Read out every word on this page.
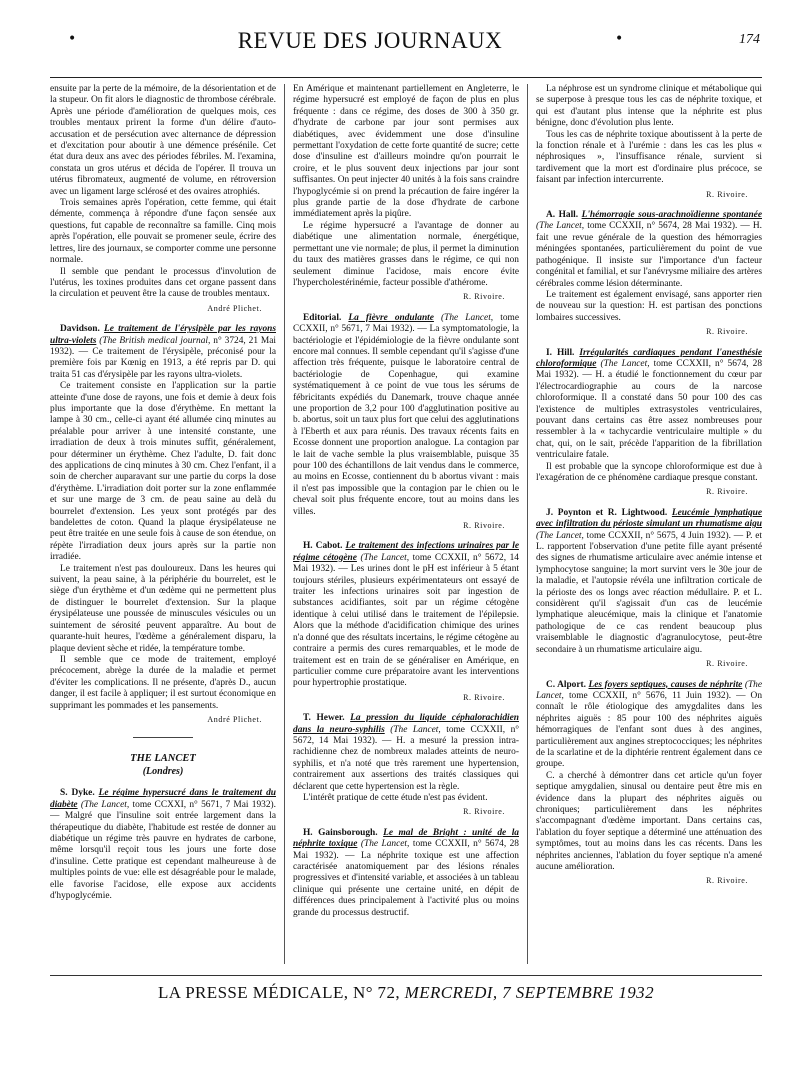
•	REVUE DES JOURNAUX	•	174

ensuite par la perte de la mémoire, de la désorientation et de la stupeur. On fit alors le diagnostic de thrombose cérébrale. Après une période d'amélioration de quelques mois, ces troubles mentaux prirent la forme d'un délire d'auto-accusation et de persécution avec alternance de dépression et d'excitation pour aboutir à une démence présénile. Cet état dura deux ans avec des périodes fébriles. M. l'examina, constata un gros utérus et décida de l'opérer. Il trouva un utérus fibromateux, augmenté de volume, en rétroversion avec un ligament large sclérosé et des ovaires atrophiés.

Trois semaines après l'opération, cette femme, qui était démente, commença à répondre d'une façon sensée aux questions, fut capable de reconnaître sa famille. Cinq mois après l'opération, elle pouvait se promener seule, écrire des lettres, lire des journaux, se comporter comme une personne normale.

Il semble que pendant le processus d'involution de l'utérus, les toxines produites dans cet organe passent dans la circulation et peuvent être la cause de troubles mentaux.

André Plichet.

Davidson. Le traitement de l'érysipèle par les rayons ultra-violets (The British medical journal, n° 3724, 21 Mai 1932). — Ce traitement de l'érysipèle, préconisé pour la première fois par Kœnig en 1913, a été repris par D. qui traita 51 cas d'érysipèle par les rayons ultra-violets.

Ce traitement consiste en l'application sur la partie atteinte d'une dose de rayons, une fois et demie à deux fois plus importante que la dose d'érythème. En mettant la lampe à 30 cm., celle-ci ayant été allumée cinq minutes au préalable pour arriver à une intensité constante, une irradiation de deux à trois minutes suffit, généralement, pour déterminer un érythème. Chez l'adulte, D. fait donc des applications de cinq minutes à 30 cm. Chez l'enfant, il a soin de chercher auparavant sur une partie du corps la dose d'érythème. L'irradiation doit porter sur la zone enflammée et sur une marge de 3 cm. de peau saine au delà du bourrelet d'extension. Les yeux sont protégés par des bandelettes de coton. Quand la plaque érysipélateuse ne peut être traitée en une seule fois à cause de son étendue, on répète l'irradiation deux jours après sur la partie non irradiée.

Le traitement n'est pas douloureux. Dans les heures qui suivent, la peau saine, à la périphérie du bourrelet, est le siège d'un érythème et d'un œdème qui ne permettent plus de distinguer le bourrelet d'extension. Sur la plaque érysipélateuse une poussée de minuscules vésicules ou un suintement de sérosité peuvent apparaître. Au bout de quarante-huit heures, l'œdème a généralement disparu, la plaque devient sèche et ridée, la température tombe.

Il semble que ce mode de traitement, employé précocement, abrège la durée de la maladie et permet d'éviter les complications. Il ne présente, d'après D., aucun danger, il est facile à appliquer; il est surtout économique en supprimant les pommades et les pansements.

André Plichet.
THE LANCET
(Londres)

S. Dyke. Le régime hypersucré dans le traitement du diabète (The Lancet, tome CCXXI, n° 5671, 7 Mai 1932). — Malgré que l'insuline soit entrée largement dans la thérapeutique du diabète, l'habitude est restée de donner au diabétique un régime très pauvre en hydrates de carbone, même lorsqu'il reçoit tous les jours une forte dose d'insuline. Cette pratique est cependant malheureuse à de multiples points de vue: elle est désagréable pour le malade, elle favorise l'acidose, elle expose aux accidents d'hypoglycémie.

En Amérique et maintenant partiellement en Angleterre, le régime hypersucré est employé de façon de plus en plus fréquente : dans ce régime, des doses de 300 à 350 gr. d'hydrate de carbone par jour sont permises aux diabétiques, avec évidemment une dose d'insuline permettant l'oxydation de cette forte quantité de sucre; cette dose d'insuline est d'ailleurs moindre qu'on pourrait le croire, et le plus souvent deux injections par jour sont suffisantes. On peut injecter 40 unités à la fois sans craindre l'hypoglycémie si on prend la précaution de faire ingérer la plus grande partie de la dose d'hydrate de carbone immédiatement après la piqûre.

Le régime hypersucré a l'avantage de donner au diabétique une alimentation normale, énergétique, permettant une vie normale; de plus, il permet la diminution du taux des matières grasses dans le régime, ce qui non seulement diminue l'acidose, mais encore évite l'hypercholestérinémie, facteur possible d'athérome.

R. Rivoire.

Editorial. La fièvre ondulante (The Lancet, tome CCXXII, n° 5671, 7 Mai 1932). — La symptomatologie, la bactériologie et l'épidémiologie de la fièvre ondulante sont encore mal connues. Il semble cependant qu'il s'agisse d'une affection très fréquente, puisque le laboratoire central de bactériologie de Copenhague, qui examine systématiquement à ce point de vue tous les sérums de fébricitants expédiés du Danemark, trouve chaque année une proportion de 3,2 pour 100 d'agglutination positive au b. abortus, soit un taux plus fort que celui des agglutinations à l'Eberth et aux para réunis. Des travaux récents faits en Ecosse donnent une proportion analogue. La contagion par le lait de vache semble la plus vraisemblable, puisque 35 pour 100 des échantillons de lait vendus dans le commerce, au moins en Ecosse, contiennent du b abortus vivant : mais il n'est pas impossible que la contagion par le chien ou le cheval soit plus fréquente encore, tout au moins dans les villes.

R. Rivoire.

H. Cabot. Le traitement des infections urinaires par le régime cétogène (The Lancet, tome CCXXII, n° 5672, 14 Mai 1932). — Les urines dont le pH est inférieur à 5 étant toujours stériles, plusieurs expérimentateurs ont essayé de traiter les infections urinaires soit par ingestion de substances acidifiantes, soit par un régime cétogène identique à celui utilisé dans le traitement de l'épilepsie. Alors que la méthode d'acidification chimique des urines n'a donné que des résultats incertains, le régime cétogène au contraire a permis des cures remarquables, et le mode de traitement est en train de se généraliser en Amérique, en particulier comme cure préparatoire avant les interventions pour hypertrophie prostatique.

R. Rivoire.

T. Hewer. La pression du liquide céphalorachidien dans la neuro-syphilis (The Lancet, tome CCXXII, n° 5672, 14 Mai 1932). — H. a mesuré la pression intra-rachidienne chez de nombreux malades atteints de neuro-syphilis, et n'a noté que très rarement une hypertension, contrairement aux assertions des traités classiques qui déclarent que cette hypertension est la règle.

L'intérêt pratique de cette étude n'est pas évident.

R. Rivoire.

H. Gainsborough. Le mal de Bright : unité de la néphrite toxique (The Lancet, tome CCXXII, n° 5674, 28 Mai 1932). — La néphrite toxique est une affection caractérisée anatomiquement par des lésions rénales progressives et d'intensité variable, et associées à un tableau clinique qui présente une certaine unité, en dépit de différences dues principalement à l'activité plus ou moins grande du processus destructif.

La néphrose est un syndrome clinique et métabolique qui se superpose à presque tous les cas de néphrite toxique, et qui est d'autant plus intense que la néphrite est plus bénigne, donc d'évolution plus lente.

Tous les cas de néphrite toxique aboutissent à la perte de la fonction rénale et à l'urémie : dans les cas les plus « néphrosiques », l'insuffisance rénale, survient si tardivement que la mort est d'ordinaire plus précoce, se faisant par infection intercurrente.

R. Rivoire.

A. Hall. L'hémorragie sous-arachnoïdienne spontanée (The Lancet, tome CCXXII, n° 5674, 28 Mai 1932). — H. fait une revue générale de la question des hémorragies méningées spontanées, particulièrement du point de vue pathogénique. Il insiste sur l'importance d'un facteur congénital et familial, et sur l'anévrysme miliaire des artères cérébrales comme lésion déterminante.

Le traitement est également envisagé, sans apporter rien de nouveau sur la question: H. est partisan des ponctions lombaires successives.

R. Rivoire.

I. Hill. Irrégularités cardiaques pendant l'anesthésie chloroformique (The Lancet, tome CCXXII, n° 5674, 28 Mai 1932). — H. a étudié le fonctionnement du cœur par l'électrocardiographie au cours de la narcose chloroformique. Il a constaté dans 50 pour 100 des cas l'existence de multiples extrasystoles ventriculaires, pouvant dans certains cas être assez nombreuses pour ressembler à la « tachycardie ventriculaire multiple » du chat, qui, on le sait, précède l'apparition de la fibrillation ventriculaire fatale.

Il est probable que la syncope chloroformique est due à l'exagération de ce phénomène cardiaque presque constant.

R. Rivoire.

J. Poynton et R. Lightwood. Leucémie lymphatique avec infiltration du périoste simulant un rhumatisme aigu (The Lancet, tome CCXXII, n° 5675, 4 Juin 1932). — P. et L. rapportent l'observation d'une petite fille ayant présenté des signes de rhumatisme articulaire avec anémie intense et lymphocytose sanguine; la mort survint vers le 30e jour de la maladie, et l'autopsie révéla une infiltration corticale de la périoste des os longs avec réaction médullaire. P. et L. considèrent qu'il s'agissait d'un cas de leucémie lymphatique aleucémique, mais la clinique et l'anatomie pathologique de ce cas rendent beaucoup plus vraisemblable le diagnostic d'agranulocytose, peut-être secondaire à un rhumatisme articulaire aigu.

R. Rivoire.

C. Alport. Les foyers septiques, causes de néphrite (The Lancet, tome CCXXII, n° 5676, 11 Juin 1932). — On connaît le rôle étiologique des amygdalites dans les néphrites aiguës : 85 pour 100 des néphrites aiguës hémorragiques de l'enfant sont dues à des angines, particulièrement aux angines streptococciques; les néphrites de la scarlatine et de la diphtérie rentrent également dans ce groupe.

C. a cherché à démontrer dans cet article qu'un foyer septique amygdalien, sinusal ou dentaire peut être mis en évidence dans la plupart des néphrites aiguës ou chroniques; particulièrement dans les néphrites s'accompagnant d'œdème important. Dans certains cas, l'ablation du foyer septique a déterminé une atténuation des symptômes, tout au moins dans les cas récents. Dans les néphrites anciennes, l'ablation du foyer septique n'a amené aucune amélioration.

R. Rivoire.
LA PRESSE MÉDICALE, N° 72, MERCREDI, 7 SEPTEMBRE 1932
